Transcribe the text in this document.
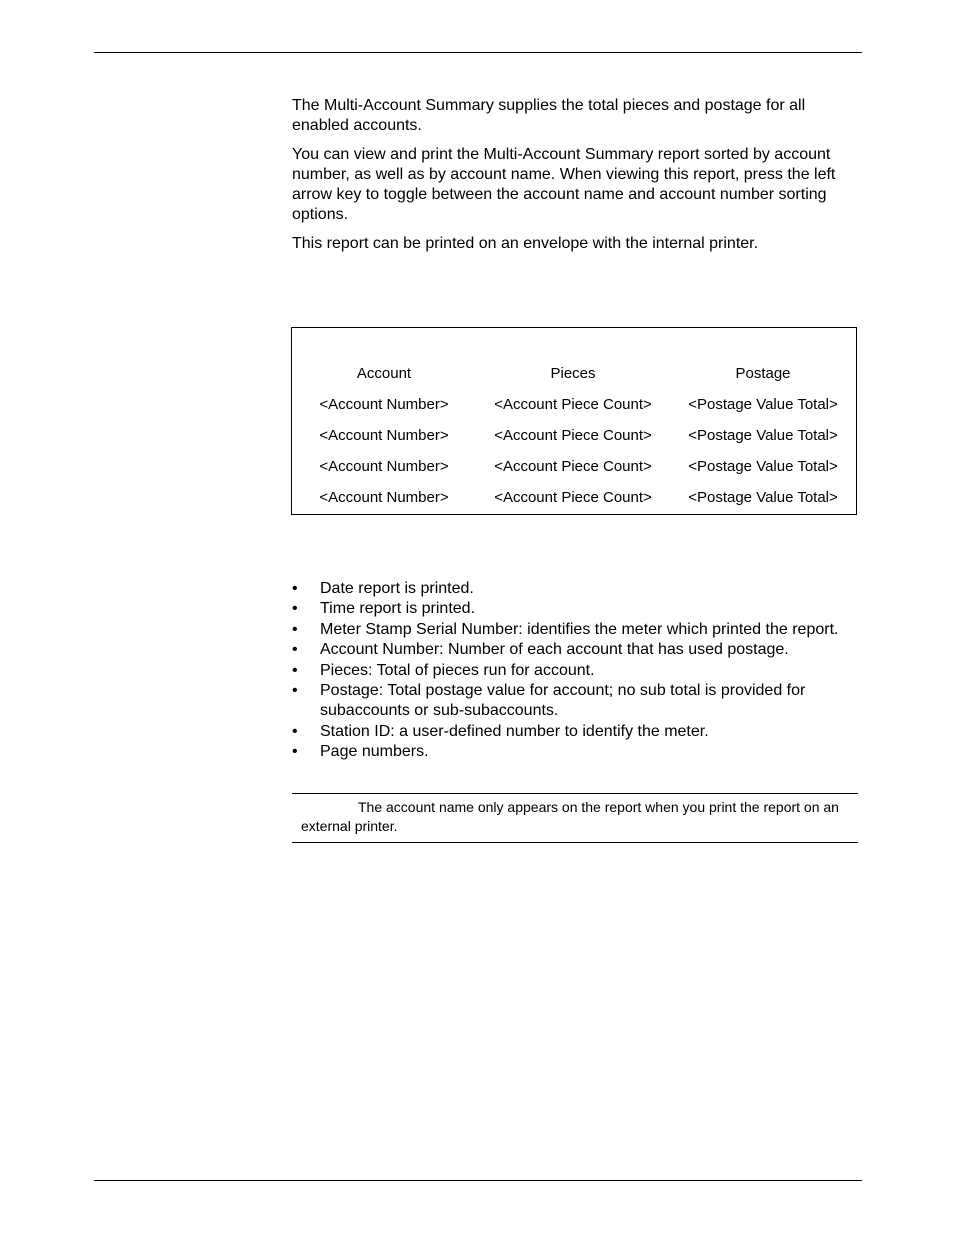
The Multi-Account Summary supplies the total pieces and postage for all enabled accounts.

You can view and print the Multi-Account Summary report sorted by account number, as well as by account name. When viewing this report, press the left arrow key to toggle between the account name and account number sorting options.

This report can be printed on an envelope with the internal printer.

Account	Pieces	Postage
<Account Number>	<Account Piece Count>	<Postage Value Total>
<Account Number>	<Account Piece Count>	<Postage Value Total>
<Account Number>	<Account Piece Count>	<Postage Value Total>
<Account Number>	<Account Piece Count>	<Postage Value Total>
• Date report is printed.
• Time report is printed.
• Meter Stamp Serial Number: identifies the meter which printed the report.
• Account Number: Number of each account that has used postage.
• Pieces: Total of pieces run for account.
• Postage: Total postage value for account; no sub total is provided for subaccounts or sub-subaccounts.
• Station ID: a user-defined number to identify the meter.
• Page numbers.
The account name only appears on the report when you print the report on an external printer.
